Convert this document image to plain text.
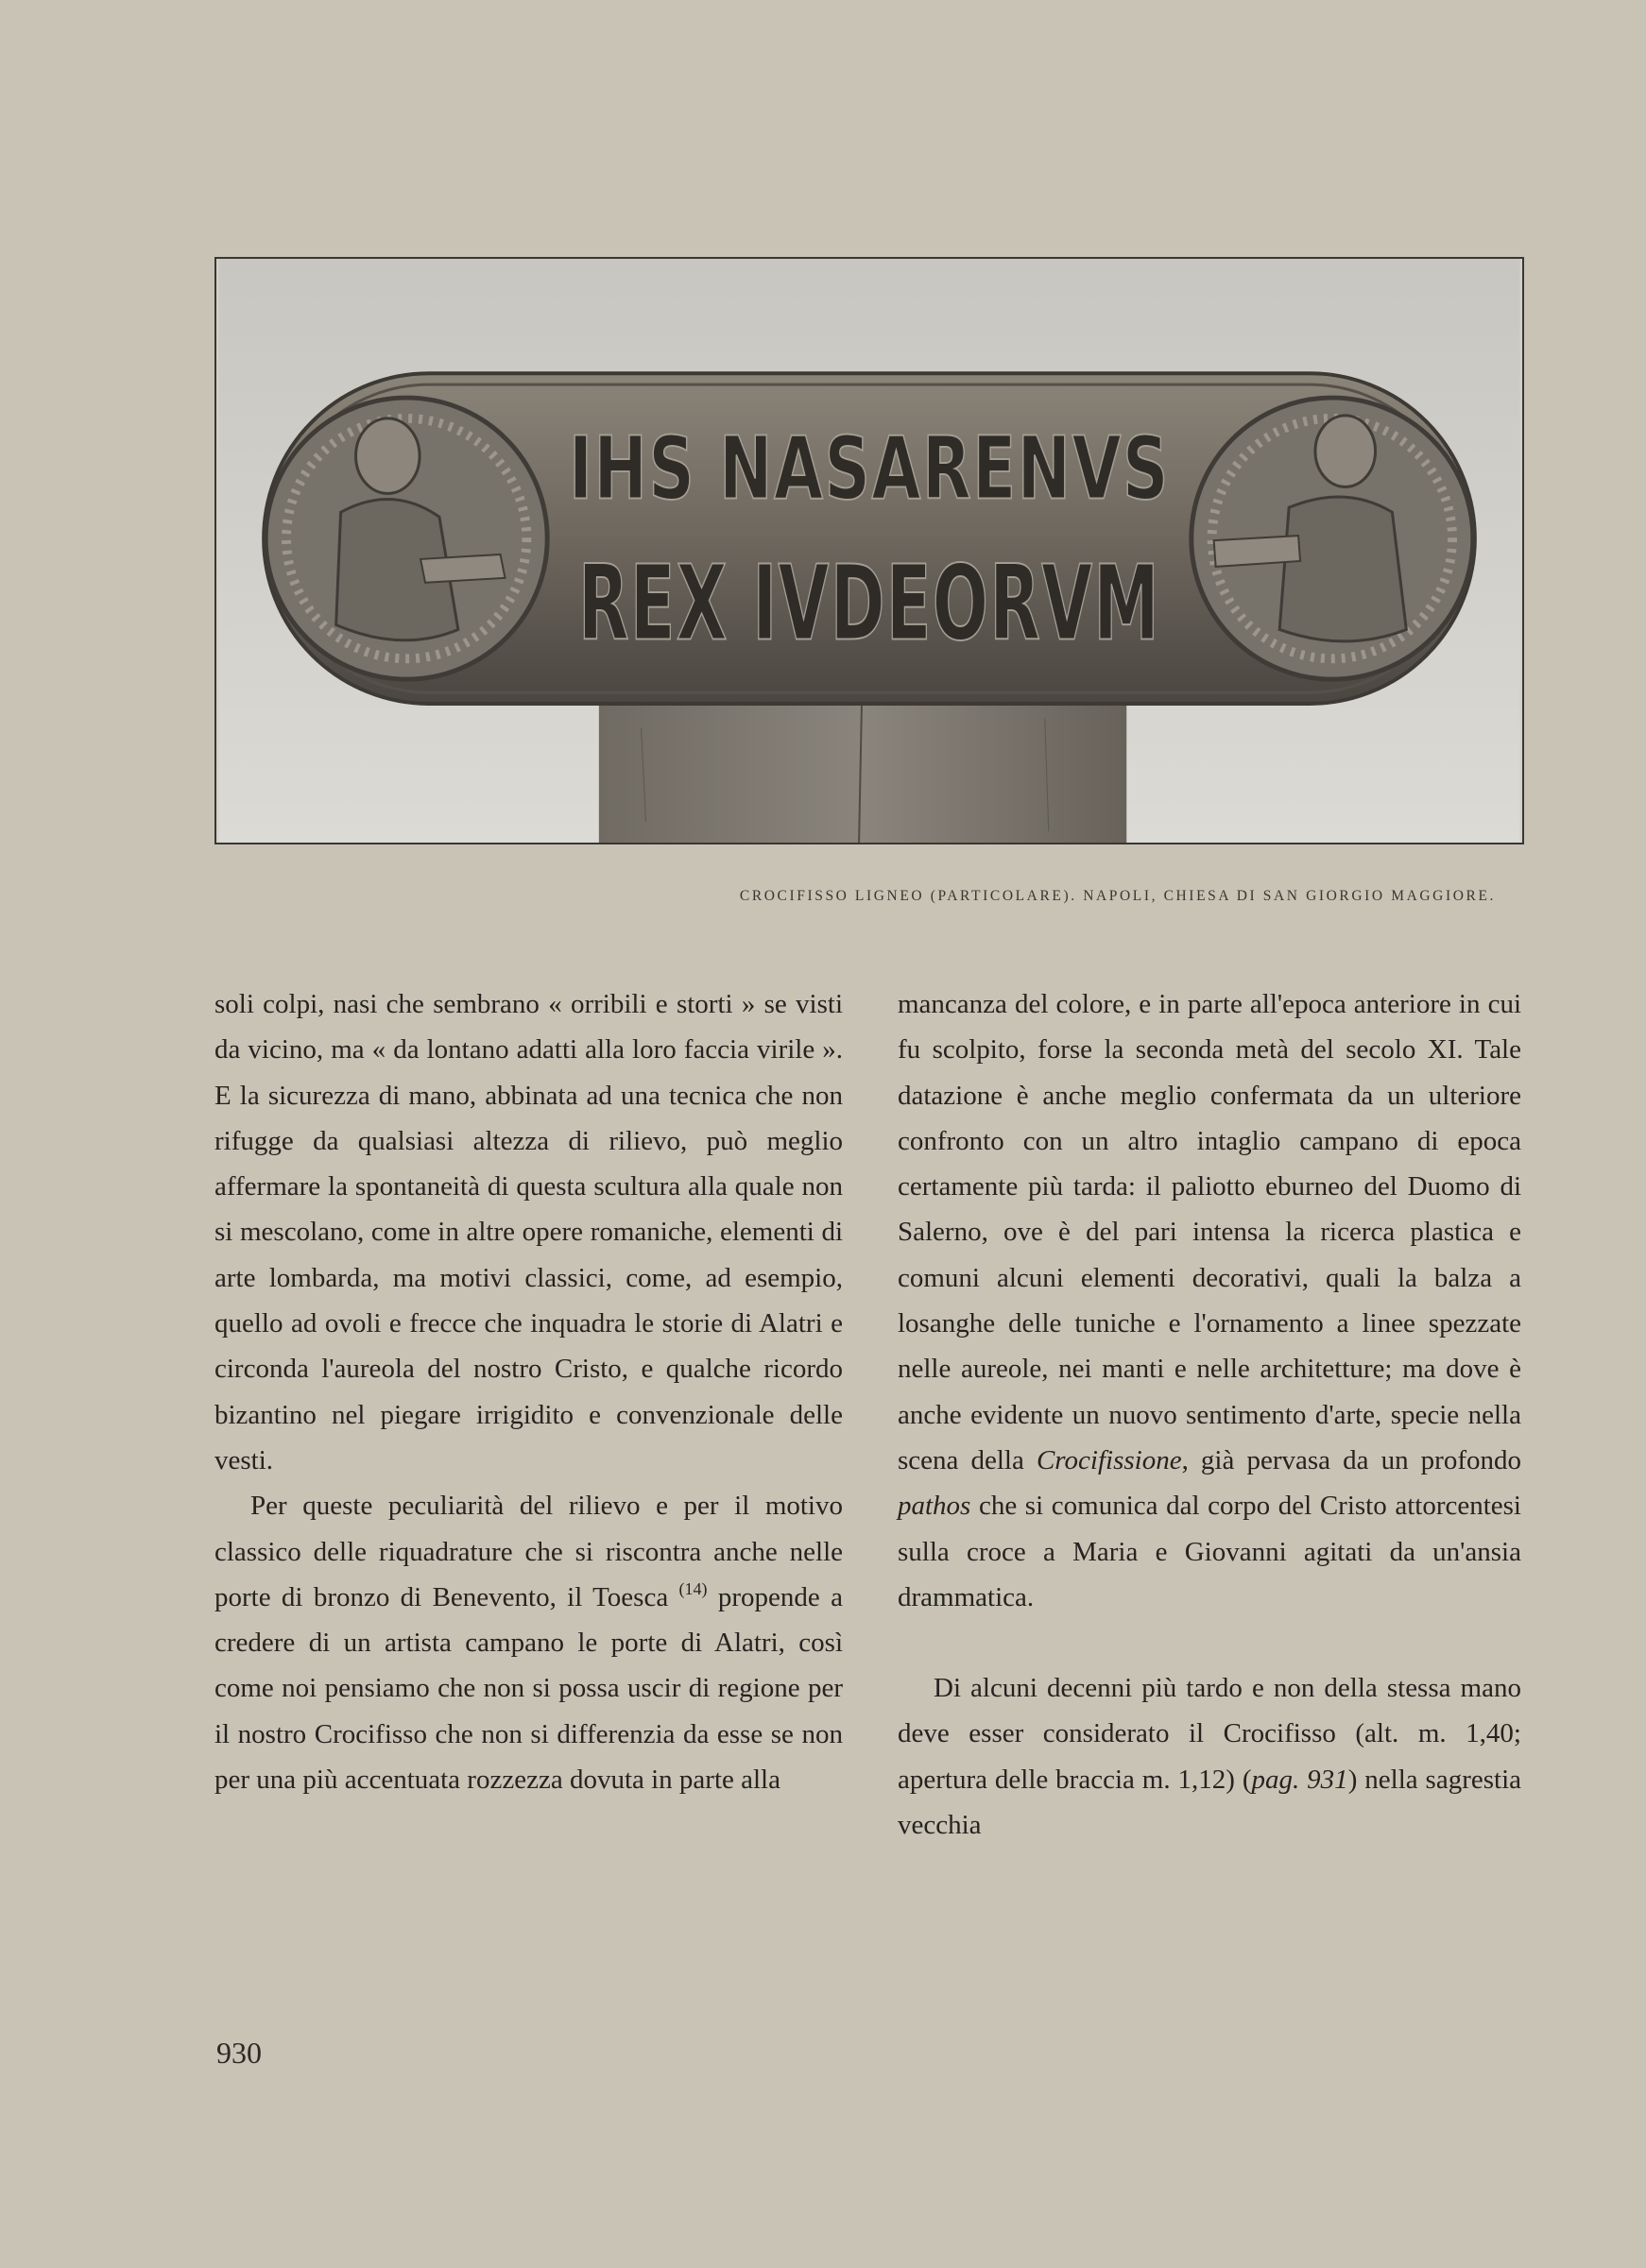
IHS NASARENVS
REX IVDEORVM
CROCIFISSO LIGNEO (PARTICOLARE). NAPOLI, CHIESA DI SAN GIORGIO MAGGIORE.

soli colpi, nasi che sembrano « orribili e storti » se visti da vicino, ma « da lontano adatti alla loro faccia virile ». E la sicurezza di mano, abbinata ad una tecnica che non rifugge da qualsiasi altezza di rilievo, può meglio affermare la spontaneità di questa scultura alla quale non si mescolano, come in altre opere romaniche, elementi di arte lombarda, ma motivi classici, come, ad esempio, quello ad ovoli e frecce che inquadra le storie di Alatri e circonda l'aureola del nostro Cristo, e qualche ricordo bizantino nel piegare irrigidito e convenzionale delle vesti.

Per queste peculiarità del rilievo e per il motivo classico delle riquadrature che si riscontra anche nelle porte di bronzo di Benevento, il Toesca $^{(14)}$ propende a credere di un artista campano le porte di Alatri, così come noi pensiamo che non si possa uscir di regione per il nostro Crocifisso che non si differenzia da esse se non per una più accentuata rozzezza dovuta in parte alla

mancanza del colore, e in parte all'epoca anteriore in cui fu scolpito, forse la seconda metà del secolo XI. Tale datazione è anche meglio confermata da un ulteriore confronto con un altro intaglio campano di epoca certamente più tarda: il paliotto eburneo del Duomo di Salerno, ove è del pari intensa la ricerca plastica e comuni alcuni elementi decorativi, quali la balza a losanghe delle tuniche e l'ornamento a linee spezzate nelle aureole, nei manti e nelle architetture; ma dove è anche evidente un nuovo sentimento d'arte, specie nella scena della Crocifissione, già pervasa da un profondo pathos che si comunica dal corpo del Cristo attorcentesi sulla croce a Maria e Giovanni agitati da un'ansia drammatica.

Di alcuni decenni più tardo e non della stessa mano deve esser considerato il Crocifisso (alt. m. 1,40; apertura delle braccia m. 1,12) (pag. 931) nella sagrestia vecchia

930
